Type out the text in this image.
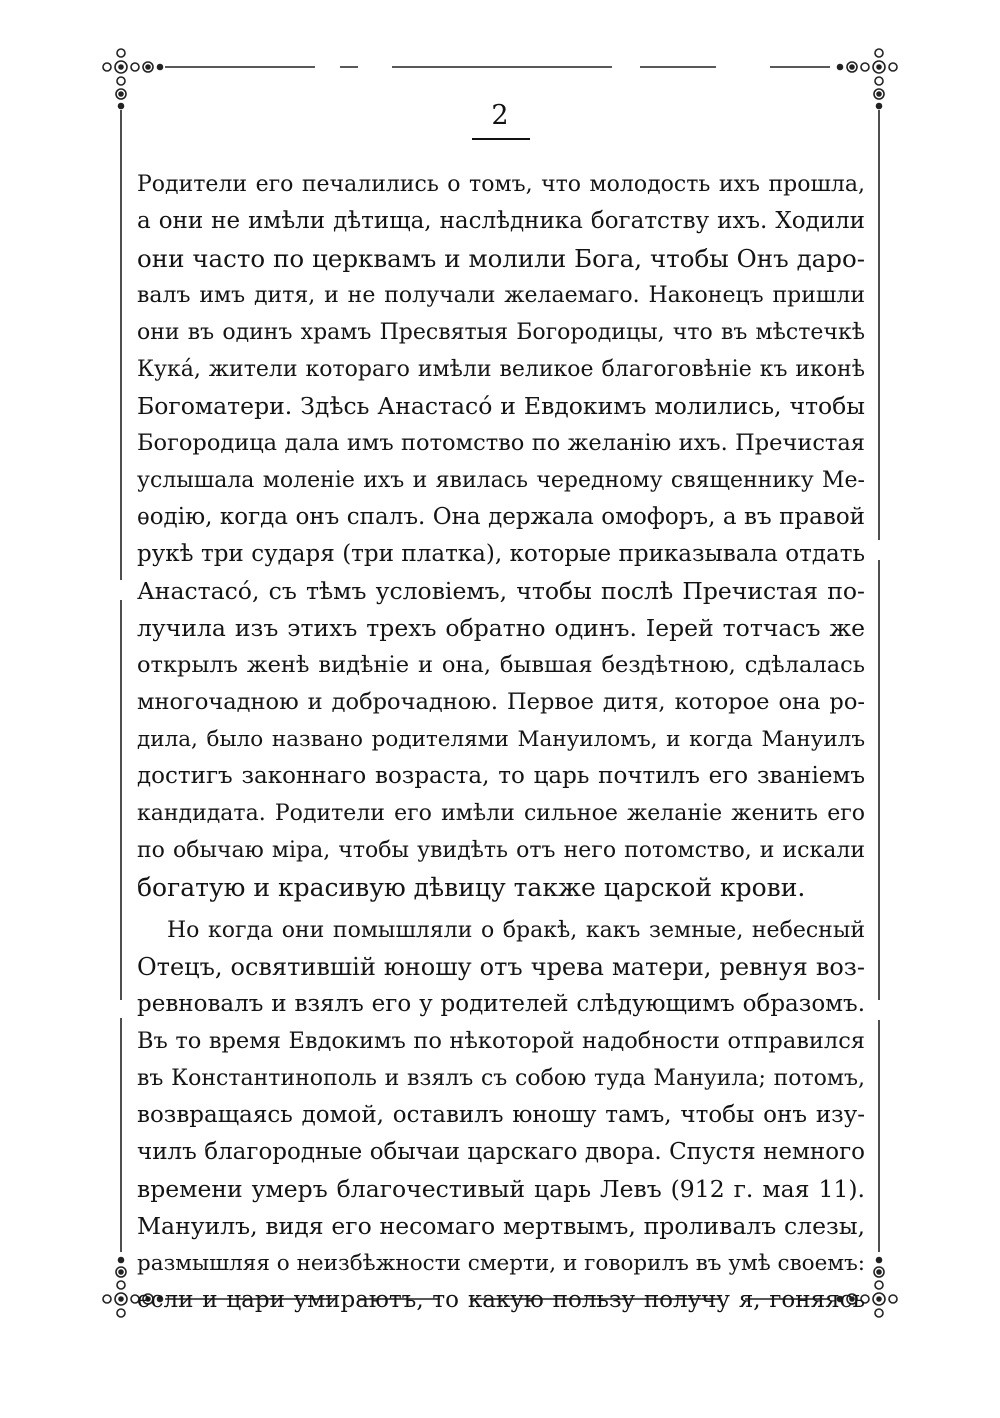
2
Родители его печалились о томъ, что молодость ихъ прошла,
а они не имѣли дѣтища, наслѣдника богатству ихъ. Ходили
они часто по церквамъ и молили Бога, чтобы Онъ даро-
валъ имъ дитя, и не получали желаемаго. Наконецъ пришли
они въ одинъ храмъ Пресвятыя Богородицы, что въ мѣстечкѣ
Кука́, жители котораго имѣли великое благоговѣніе къ иконѣ
Богоматери. Здѣсь Анастасо́ и Евдокимъ молились, чтобы
Богородица дала имъ потомство по желанію ихъ. Пречистая
услышала моленіе ихъ и явилась чередному священнику Ме-
ѳодію, когда онъ спалъ. Она держала омофоръ, а въ правой
рукѣ три сударя (три платка), которые приказывала отдать
Анастасо́, съ тѣмъ условіемъ, чтобы послѣ Пречистая по-
лучила изъ этихъ трехъ обратно одинъ. Іерей тотчасъ же
открылъ женѣ видѣніе и она, бывшая бездѣтною, сдѣлалась
многочадною и доброчадною. Первое дитя, которое она ро-
дила, было названо родителями Мануиломъ, и когда Мануилъ
достигъ законнаго возраста, то царь почтилъ его званіемъ
кандидата. Родители его имѣли сильное желаніе женить его
по обычаю міра, чтобы увидѣть отъ него потомство, и искали
богатую и красивую дѣвицу также царской крови.
Но когда они помышляли о бракѣ, какъ земные, небесный
Отецъ, освятившій юношу отъ чрева матери, ревнуя воз-
ревновалъ и взялъ его у родителей слѣдующимъ образомъ.
Въ то время Евдокимъ по нѣкоторой надобности отправился
въ Константинополь и взялъ съ собою туда Мануила; потомъ,
возвращаясь домой, оставилъ юношу тамъ, чтобы онъ изу-
чилъ благородные обычаи царскаго двора. Спустя немного
времени умеръ благочестивый царь Левъ (912 г. мая 11).
Мануилъ, видя его несомаго мертвымъ, проливалъ слезы,
размышляя о неизбѣжности смерти, и говорилъ въ умѣ своемъ:
если и цари умираютъ, то какую пользу получу я, гоняясь
